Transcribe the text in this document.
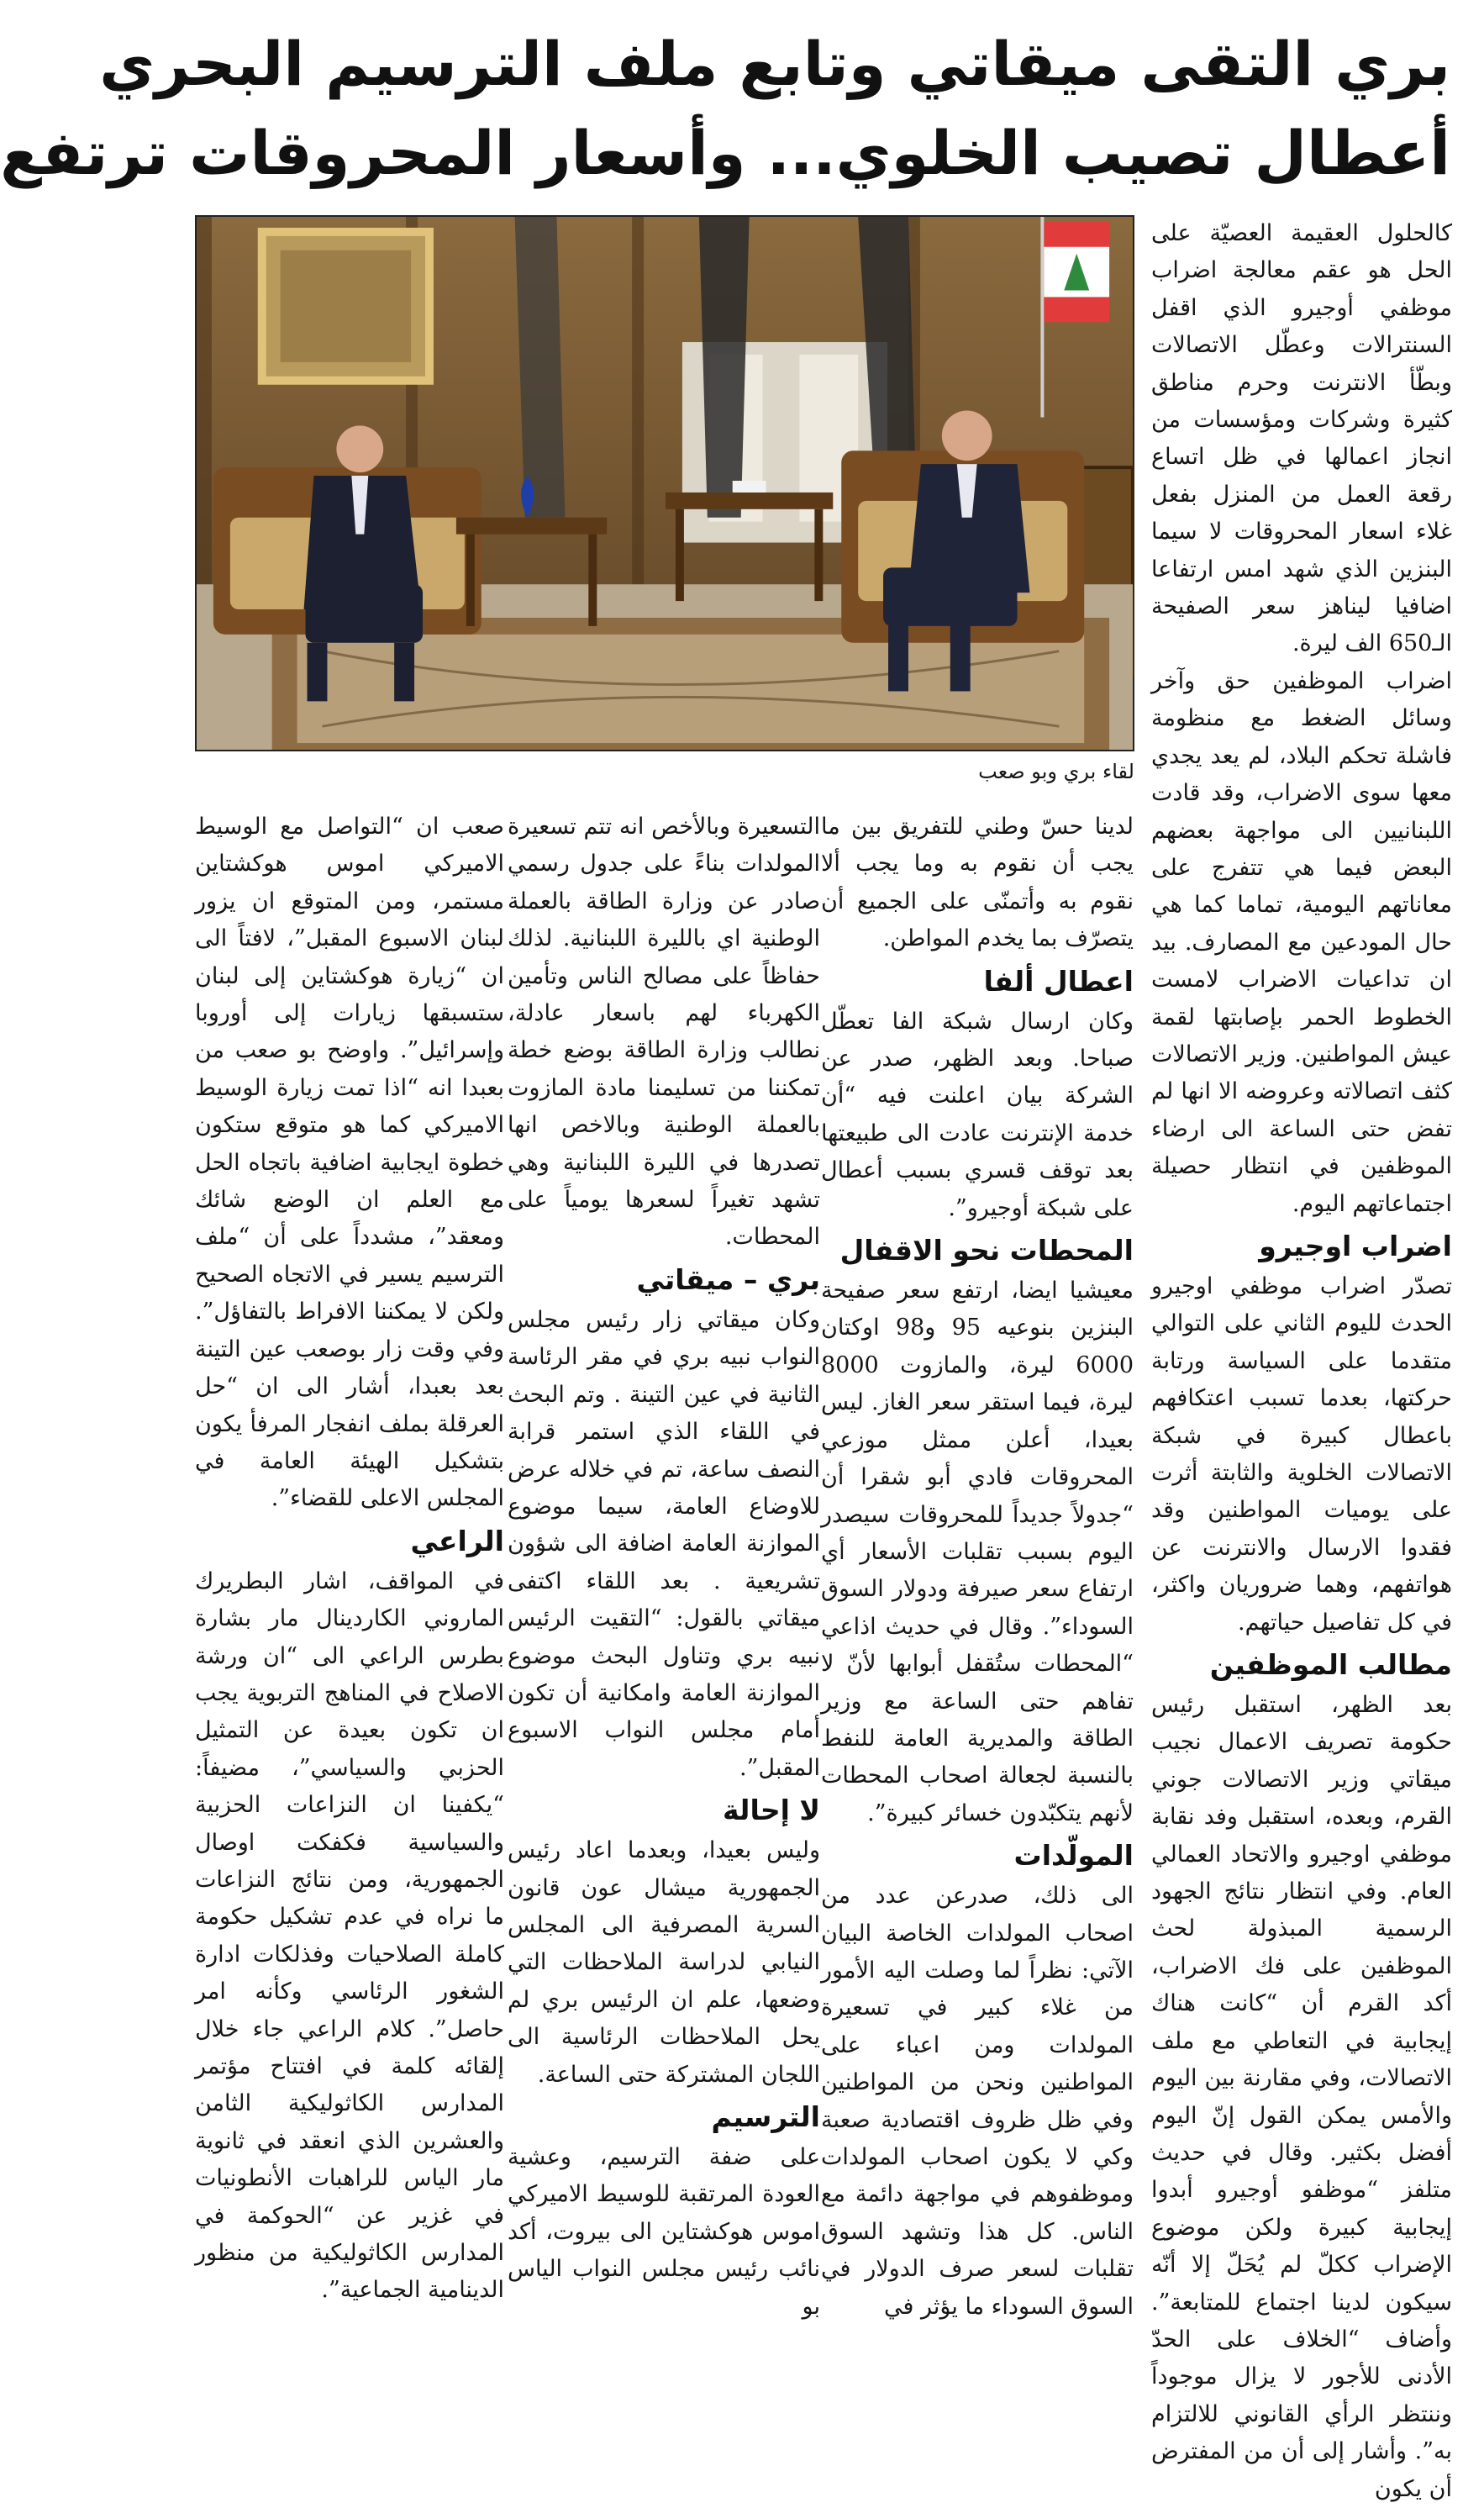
بري التقى ميقاتي وتابع ملف الترسيم البحري
أعطال تصيب الخلوي... وأسعار المحروقات ترتفع
لقاء بري وبو صعب

كالحلول العقيمة العصيّة على الحل هو عقم معالجة اضراب موظفي أوجيرو الذي اقفل السنترالات وعطّل الاتصالات وبطّأ الانترنت وحرم مناطق كثيرة وشركات ومؤسسات من انجاز اعمالها في ظل اتساع رقعة العمل من المنزل بفعل غلاء اسعار المحروقات لا سيما البنزين الذي شهد امس ارتفاعا اضافيا ليناهز سعر الصفيحة الـ650 الف ليرة.

اضراب الموظفين حق وآخر وسائل الضغط مع منظومة فاشلة تحكم البلاد، لم يعد يجدي معها سوى الاضراب، وقد قادت اللبنانيين الى مواجهة بعضهم البعض فيما هي تتفرج على معاناتهم اليومية، تماما كما هي حال المودعين مع المصارف. بيد ان تداعيات الاضراب لامست الخطوط الحمر بإصابتها لقمة عيش المواطنين. وزير الاتصالات كثف اتصالاته وعروضه الا انها لم تفض حتى الساعة الى ارضاء الموظفين في انتظار حصيلة اجتماعاتهم اليوم.

اضراب اوجيرو

تصدّر اضراب موظفي اوجيرو الحدث لليوم الثاني على التوالي متقدما على السياسة ورتابة حركتها، بعدما تسبب اعتكافهم باعطال كبيرة في شبكة الاتصالات الخلوية والثابتة أثرت على يوميات المواطنين وقد فقدوا الارسال والانترنت عن هواتفهم، وهما ضروريان واكثر، في كل تفاصيل حياتهم.

مطالب الموظفين

بعد الظهر، استقبل رئيس حكومة تصريف الاعمال نجيب ميقاتي وزير الاتصالات جوني القرم، وبعده، استقبل وفد نقابة موظفي اوجيرو والاتحاد العمالي العام. وفي انتظار نتائج الجهود الرسمية المبذولة لحث الموظفين على فك الاضراب، أكد القرم أن “كانت هناك إيجابية في التعاطي مع ملف الاتصالات، وفي مقارنة بين اليوم والأمس يمكن القول إنّ اليوم أفضل بكثير. وقال في حديث متلفز “موظفو أوجيرو أبدوا إيجابية كبيرة ولكن موضوع الإضراب ككلّ لم يُحَلّ إلا أنّه سيكون لدينا اجتماع للمتابعة”. وأضاف “الخلاف على الحدّ الأدنى للأجور لا يزال موجوداً وننتظر الرأي القانوني للالتزام به”. وأشار إلى أن من المفترض أن يكون

لدينا حسّ وطني للتفريق بين ما يجب أن نقوم به وما يجب ألا نقوم به وأتمنّى على الجميع أن يتصرّف بما يخدم المواطن.

اعطال ألفا

وكان ارسال شبكة الفا تعطّل صباحا. وبعد الظهر، صدر عن الشركة بيان اعلنت فيه “أن خدمة الإنترنت عادت الى طبيعتها بعد توقف قسري بسبب أعطال على شبكة أوجيرو”.

المحطات نحو الاقفال

معيشيا ايضا، ارتفع سعر صفيحة البنزين بنوعيه 95 و98 اوكتان 6000 ليرة، والمازوت 8000 ليرة، فيما استقر سعر الغاز. ليس بعيدا، أعلن ممثل موزعي المحروقات فادي أبو شقرا أن “جدولاً جديداً للمحروقات سيصدر اليوم بسبب تقلبات الأسعار أي ارتفاع سعر صيرفة ودولار السوق السوداء”. وقال في حديث اذاعي “المحطات ستُقفل أبوابها لأنّ لا تفاهم حتى الساعة مع وزير الطاقة والمديرية العامة للنفط بالنسبة لجعالة اصحاب المحطات لأنهم يتكبّدون خسائر كبيرة”.

المولّدات

الى ذلك، صدرعن عدد من اصحاب المولدات الخاصة البيان الآتي: نظراً لما وصلت اليه الأمور من غلاء كبير في تسعيرة المولدات ومن اعباء على المواطنين ونحن من المواطنين وفي ظل ظروف اقتصادية صعبة وكي لا يكون اصحاب المولدات وموظفوهم في مواجهة دائمة مع الناس. كل هذا وتشهد السوق تقلبات لسعر صرف الدولار في السوق السوداء ما يؤثر في

التسعيرة وبالأخص انه تتم تسعيرة المولدات بناءً على جدول رسمي صادر عن وزارة الطاقة بالعملة الوطنية اي بالليرة اللبنانية. لذلك حفاظاً على مصالح الناس وتأمين الكهرباء لهم باسعار عادلة، نطالب وزارة الطاقة بوضع خطة تمكننا من تسليمنا مادة المازوت بالعملة الوطنية وبالاخص انها تصدرها في الليرة اللبنانية وهي تشهد تغيراً لسعرها يومياً على المحطات.

بري – ميقاتي

وكان ميقاتي زار رئيس مجلس النواب نبيه بري في مقر الرئاسة الثانية في عين التينة . وتم البحث في اللقاء الذي استمر قرابة النصف ساعة، تم في خلاله عرض للاوضاع العامة، سيما موضوع الموازنة العامة اضافة الى شؤون تشريعية . بعد اللقاء اكتفى ميقاتي بالقول: “التقيت الرئيس نبيه بري وتناول البحث موضوع الموازنة العامة وامكانية أن تكون أمام مجلس النواب الاسبوع المقبل”.

لا إحالة

وليس بعيدا، وبعدما اعاد رئيس الجمهورية ميشال عون قانون السرية المصرفية الى المجلس النيابي لدراسة الملاحظات التي وضعها، علم ان الرئيس بري لم يحل الملاحظات الرئاسية الى اللجان المشتركة حتى الساعة.

الترسيم

على ضفة الترسيم، وعشية العودة المرتقبة للوسيط الاميركي اموس هوكشتاين الى بيروت، أكد نائب رئيس مجلس النواب الياس بو

صعب ان “التواصل مع الوسيط الاميركي اموس هوكشتاين مستمر، ومن المتوقع ان يزور لبنان الاسبوع المقبل”، لافتاً الى ان “زيارة هوكشتاين إلى لبنان ستسبقها زيارات إلى أوروبا وإسرائيل”. واوضح بو صعب من بعبدا انه “اذا تمت زيارة الوسيط الاميركي كما هو متوقع ستكون خطوة ايجابية اضافية باتجاه الحل مع العلم ان الوضع شائك ومعقد”، مشدداً على أن “ملف الترسيم يسير في الاتجاه الصحيح ولكن لا يمكننا الافراط بالتفاؤل”. وفي وقت زار بوصعب عين التينة بعد بعبدا، أشار الى ان “حل العرقلة بملف انفجار المرفأ يكون بتشكيل الهيئة العامة في المجلس الاعلى للقضاء”.

الراعي

في المواقف، اشار البطريرك الماروني الكاردينال مار بشارة بطرس الراعي الى “ان ورشة الاصلاح في المناهج التربوية يجب ان تكون بعيدة عن التمثيل الحزبي والسياسي”، مضيفاً: “يكفينا ان النزاعات الحزبية والسياسية فكفكت اوصال الجمهورية، ومن نتائج النزاعات ما نراه في عدم تشكيل حكومة كاملة الصلاحيات وفذلكات ادارة الشغور الرئاسي وكأنه امر حاصل”. كلام الراعي جاء خلال إلقائه كلمة في افتتاح مؤتمر المدارس الكاثوليكية الثامن والعشرين الذي انعقد في ثانوية مار الياس للراهبات الأنطونيات في غزير عن “الحوكمة في المدارس الكاثوليكية من منظور الدينامية الجماعية”.
